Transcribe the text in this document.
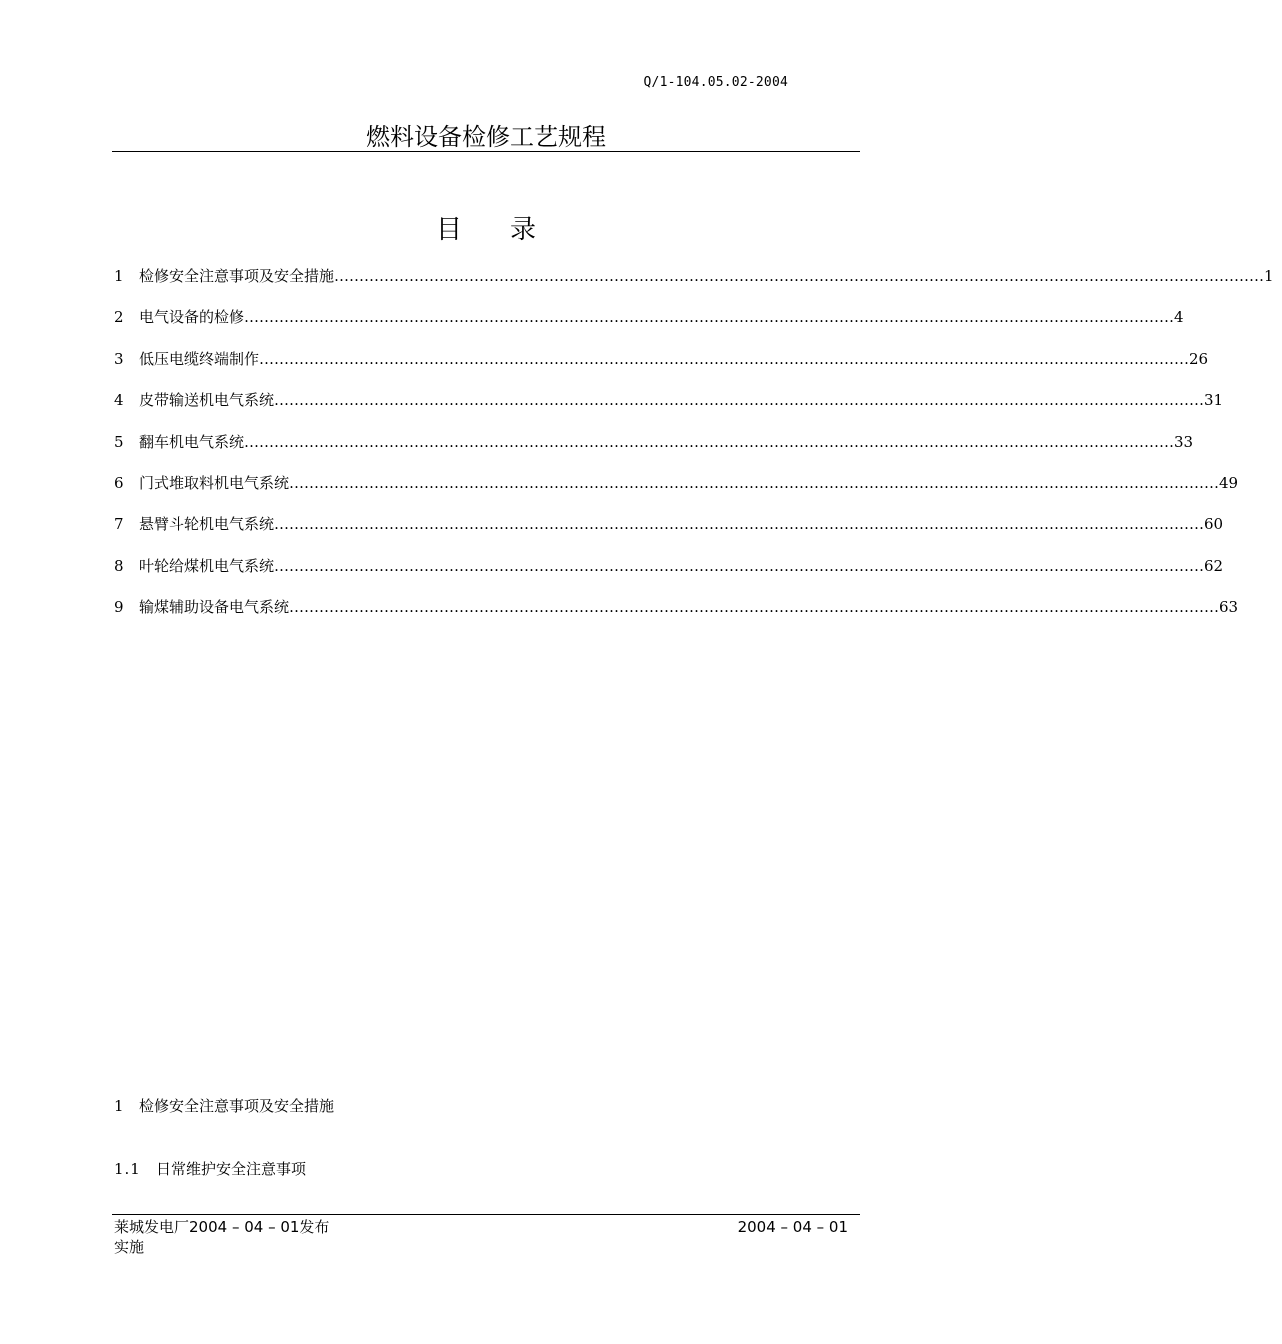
Q/1-104.05.02-2004
燃料设备检修工艺规程
目 录
1	检修安全注意事项及安全措施 …………………………………………………………………………………………………………………………………………………………………… 1
2	电气设备的检修 …………………………………………………………………………………………………………………………………………………………………… 4
3	低压电缆终端制作 …………………………………………………………………………………………………………………………………………………………………… 26
4	皮带输送机电气系统 …………………………………………………………………………………………………………………………………………………………………… 31
5	翻车机电气系统 …………………………………………………………………………………………………………………………………………………………………… 33
6	门式堆取料机电气系统 …………………………………………………………………………………………………………………………………………………………………… 49
7	悬臂斗轮机电气系统 …………………………………………………………………………………………………………………………………………………………………… 60
8	叶轮给煤机电气系统 …………………………………………………………………………………………………………………………………………………………………… 62
9	输煤辅助设备电气系统 …………………………………………………………………………………………………………………………………………………………………… 63
1 检修安全注意事项及安全措施
1.1 日常维护安全注意事项
莱城发电厂2004 – 04 – 01发布	2004 – 04 – 01
实施
